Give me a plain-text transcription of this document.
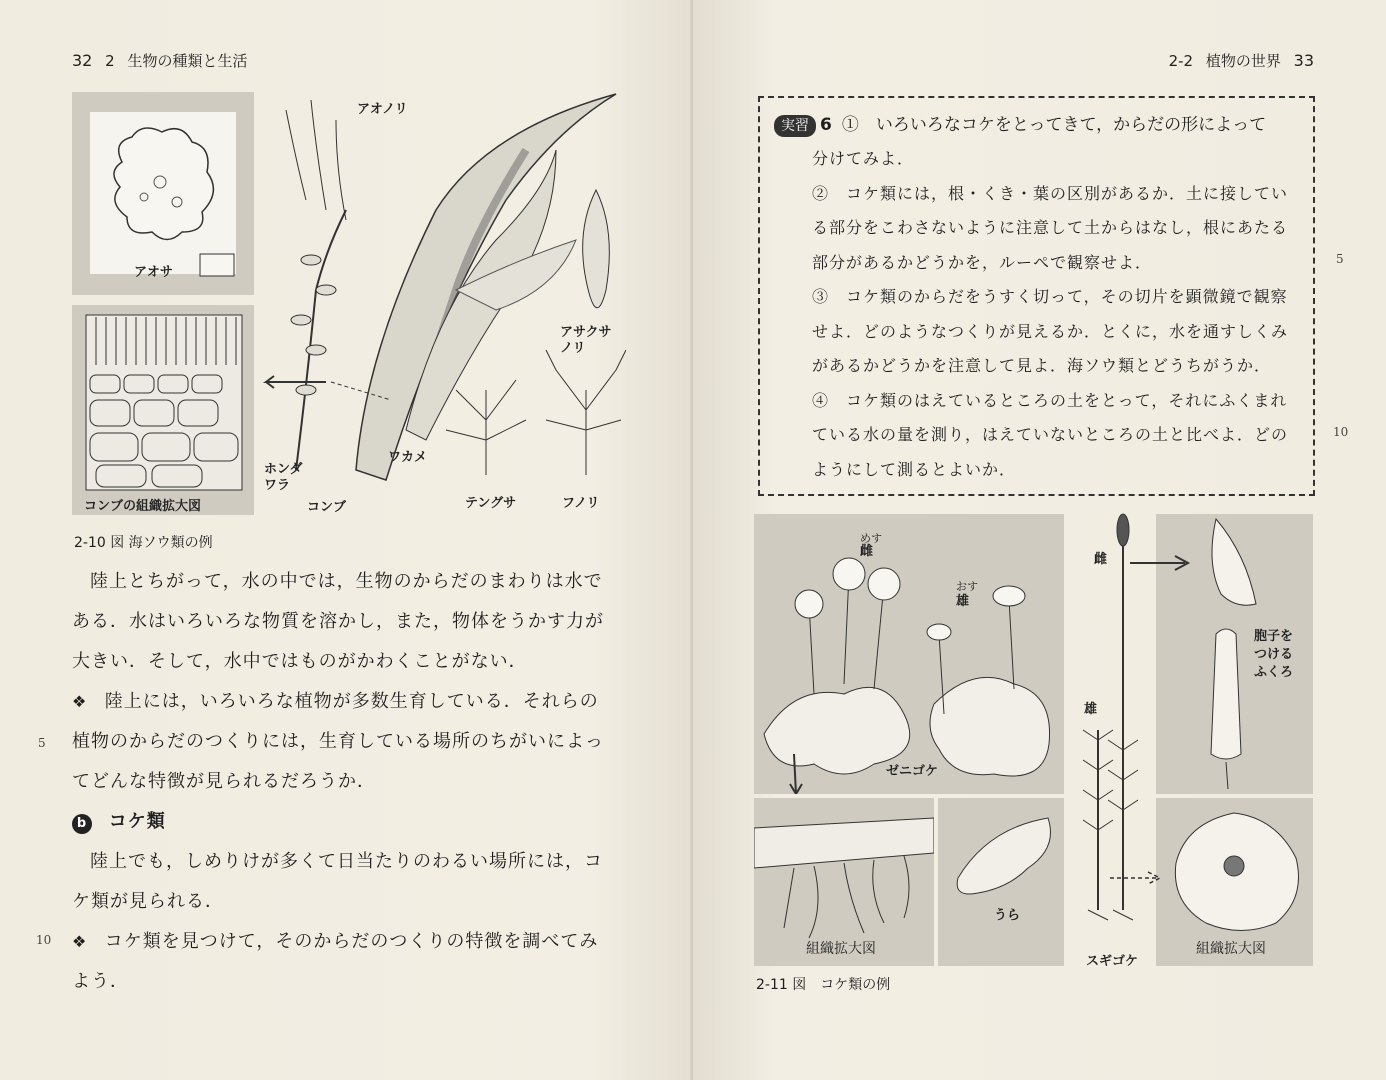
32 2 生物の種類と生活
アオサ
コンブの組織拡大図
アオノリ
アサクサ
ノリ
ホンダ
ワラ
ワカメ
コンブ	テングサ	フノリ
2-10 図 海ソウ類の例

陸上とちがって，水の中では，生物のからだのまわりは水で

ある．水はいろいろな物質を溶かし，また，物体をうかす力が

大きい．そして，水中ではものがかわくことがない．

❖ 陸上には，いろいろな植物が多数生育している．それらの

植物のからだのつくりには，生育している場所のちがいによっ

てどんな特徴が見られるだろうか．

b コケ類

陸上でも，しめりけが多くて日当たりのわるい場所には，コ

ケ類が見られる．

❖ コケ類を見つけて，そのからだのつくりの特徴を調べてみ

よう．

5
10
2-2 植物の世界 33
実習 6 ①　いろいろなコケをとってきて，からだの形によって

分けてみよ．

②　コケ類には，根・くき・葉の区別があるか．土に接してい

る部分をこわさないように注意して土からはなし，根にあたる

部分があるかどうかを，ルーペで観察せよ．

③　コケ類のからだをうすく切って，その切片を顕微鏡で観察

せよ．どのようなつくりが見えるか．とくに，水を通すしくみ

があるかどうかを注意して見よ．海ソウ類とどうちがうか．

④　コケ類のはえているところの土をとって，それにふくまれ

ている水の量を測り，はえていないところの土と比べよ．どの

ようにして測るとよいか．

5
10
めす
雌
おす
雄
ゼニゴケ
組織拡大図
うら
雌
雄
スギゴケ
胞子を
つける
ふくろ
組織拡大図
2-11 図　コケ類の例
